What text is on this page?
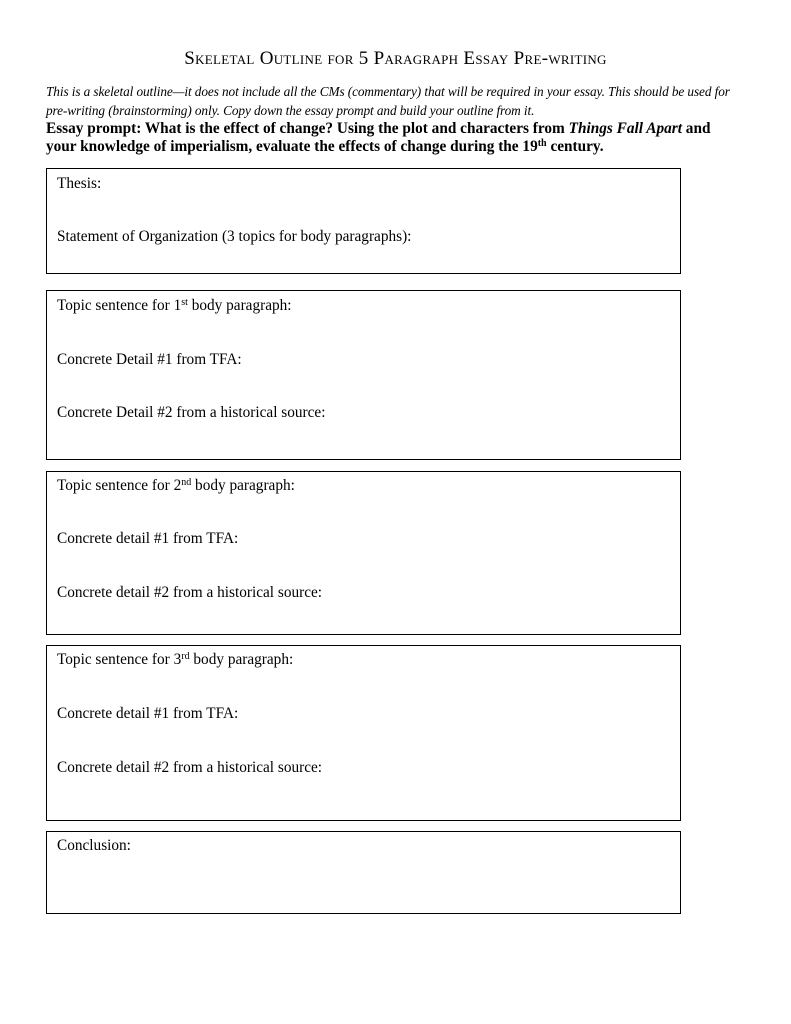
Skeletal Outline for 5 Paragraph Essay Pre-writing
This is a skeletal outline—it does not include all the CMs (commentary) that will be required in your essay. This should be used for
pre-writing (brainstorming) only. Copy down the essay prompt and build your outline from it.
Essay prompt: What is the effect of change? Using the plot and characters from Things Fall Apart and
your knowledge of imperialism, evaluate the effects of change during the 19th century.
Thesis:
Statement of Organization (3 topics for body paragraphs):
Topic sentence for 1st body paragraph:
Concrete Detail #1 from TFA:
Concrete Detail #2 from a historical source:
Topic sentence for 2nd body paragraph:
Concrete detail #1 from TFA:
Concrete detail #2 from a historical source:
Topic sentence for 3rd body paragraph:
Concrete detail #1 from TFA:
Concrete detail #2 from a historical source:
Conclusion:
